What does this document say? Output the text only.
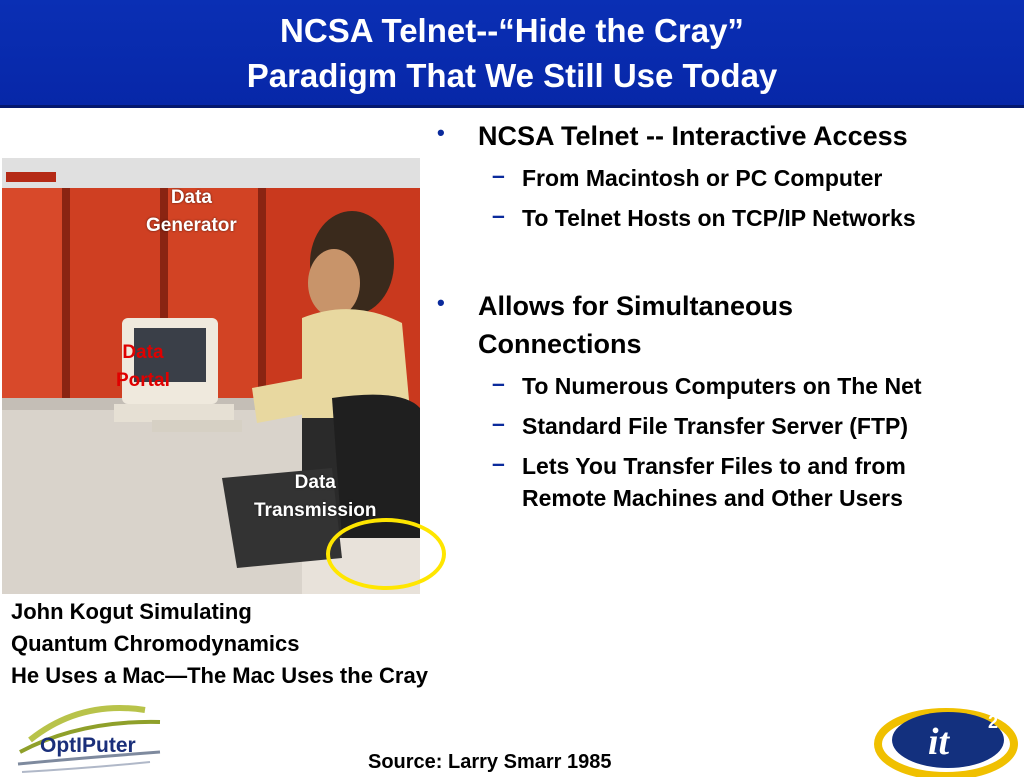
NCSA Telnet--“Hide the Cray”
Paradigm That We Still Use Today
Data
Generator
Data
Portal
Data
Transmission
John Kogut Simulating
Quantum Chromodynamics
He Uses a Mac—The Mac Uses the Cray
• NCSA Telnet -- Interactive Access
– From Macintosh or PC Computer
– To Telnet Hosts on TCP/IP Networks
• Allows for Simultaneous
Connections
– To Numerous Computers on The Net
– Standard File Transfer Server (FTP)
– Lets You Transfer Files to and from
Remote Machines and Other Users
OptIPuter
Source: Larry Smarr 1985	it 2
